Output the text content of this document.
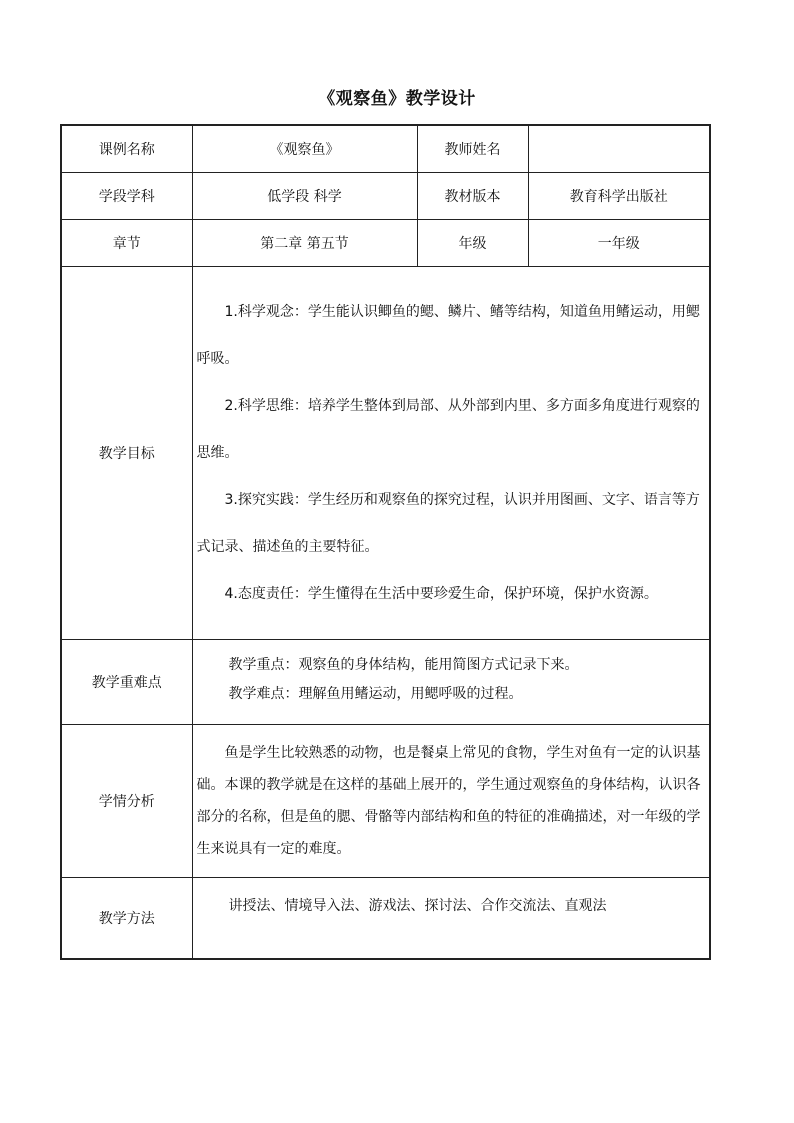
《观察鱼》教学设计
课例名称	《观察鱼》	教师姓名	
学段学科	低学段 科学	教材版本	教育科学出版社
章节	第二章 第五节	年级	一年级
教学目标	1.科学观念：学生能认识鲫鱼的鳃、鳞片、鳍等结构，知道鱼用鳍运动，用鳃呼吸。

2.科学思维：培养学生整体到局部、从外部到内里、多方面多角度进行观察的思维。

3.探究实践：学生经历和观察鱼的探究过程，认识并用图画、文字、语言等方式记录、描述鱼的主要特征。

4.态度责任：学生懂得在生活中要珍爱生命，保护环境，保护水资源。		

教学重难点	教学重点：观察鱼的身体结构，能用简图方式记录下来。

教学难点：理解鱼用鳍运动，用鳃呼吸的过程。		

学情分析	鱼是学生比较熟悉的动物，也是餐桌上常见的食物，学生对鱼有一定的认识基础。本课的教学就是在这样的基础上展开的，学生通过观察鱼的身体结构，认识各部分的名称，但是鱼的腮、骨骼等内部结构和鱼的特征的准确描述，对一年级的学生来说具有一定的难度。		

教学方法	讲授法、情境导入法、游戏法、探讨法、合作交流法、直观法		
